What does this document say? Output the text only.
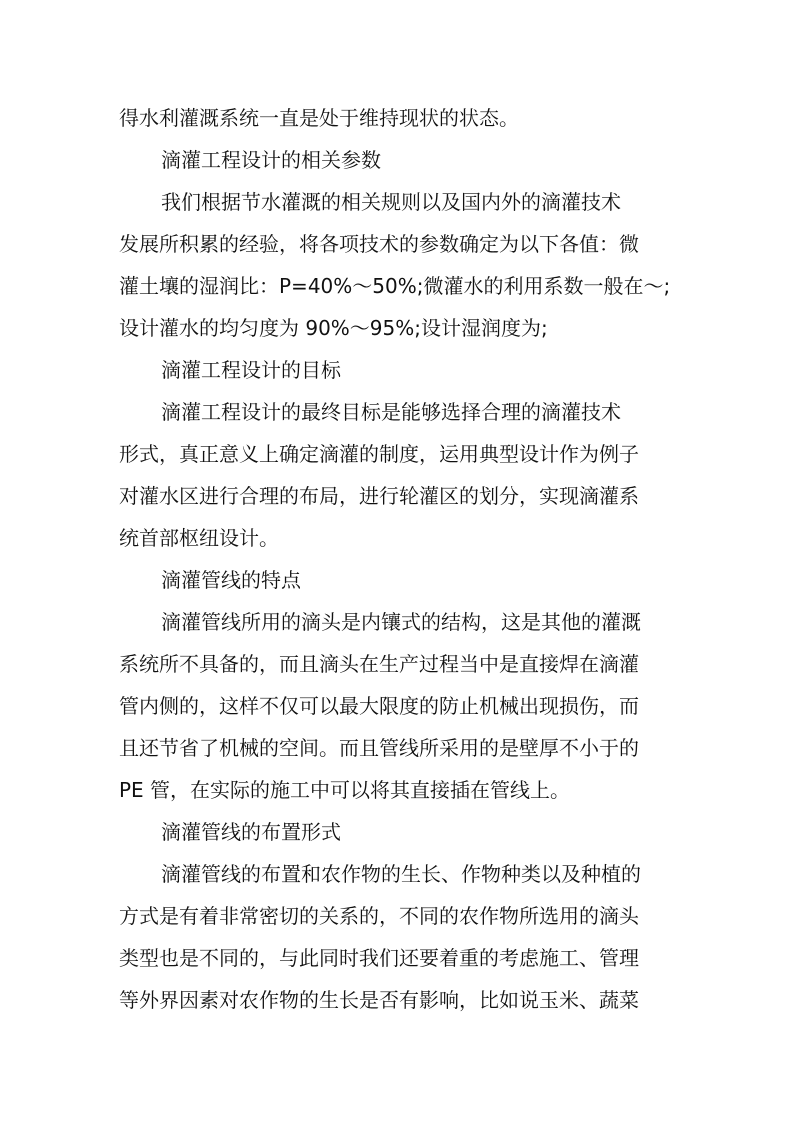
得水利灌溉系统一直是处于维持现状的状态。
滴灌工程设计的相关参数
我们根据节水灌溉的相关规则以及国内外的滴灌技术
发展所积累的经验，将各项技术的参数确定为以下各值：微
灌土壤的湿润比：P=40%～50%;微灌水的利用系数一般在～;
设计灌水的均匀度为 90%～95%;设计湿润度为;
滴灌工程设计的目标
滴灌工程设计的最终目标是能够选择合理的滴灌技术
形式，真正意义上确定滴灌的制度，运用典型设计作为例子
对灌水区进行合理的布局，进行轮灌区的划分，实现滴灌系
统首部枢纽设计。
滴灌管线的特点
滴灌管线所用的滴头是内镶式的结构，这是其他的灌溉
系统所不具备的，而且滴头在生产过程当中是直接焊在滴灌
管内侧的，这样不仅可以最大限度的防止机械出现损伤，而
且还节省了机械的空间。而且管线所采用的是壁厚不小于的
PE 管，在实际的施工中可以将其直接插在管线上。
滴灌管线的布置形式
滴灌管线的布置和农作物的生长、作物种类以及种植的
方式是有着非常密切的关系的，不同的农作物所选用的滴头
类型也是不同的，与此同时我们还要着重的考虑施工、管理
等外界因素对农作物的生长是否有影响，比如说玉米、蔬菜
